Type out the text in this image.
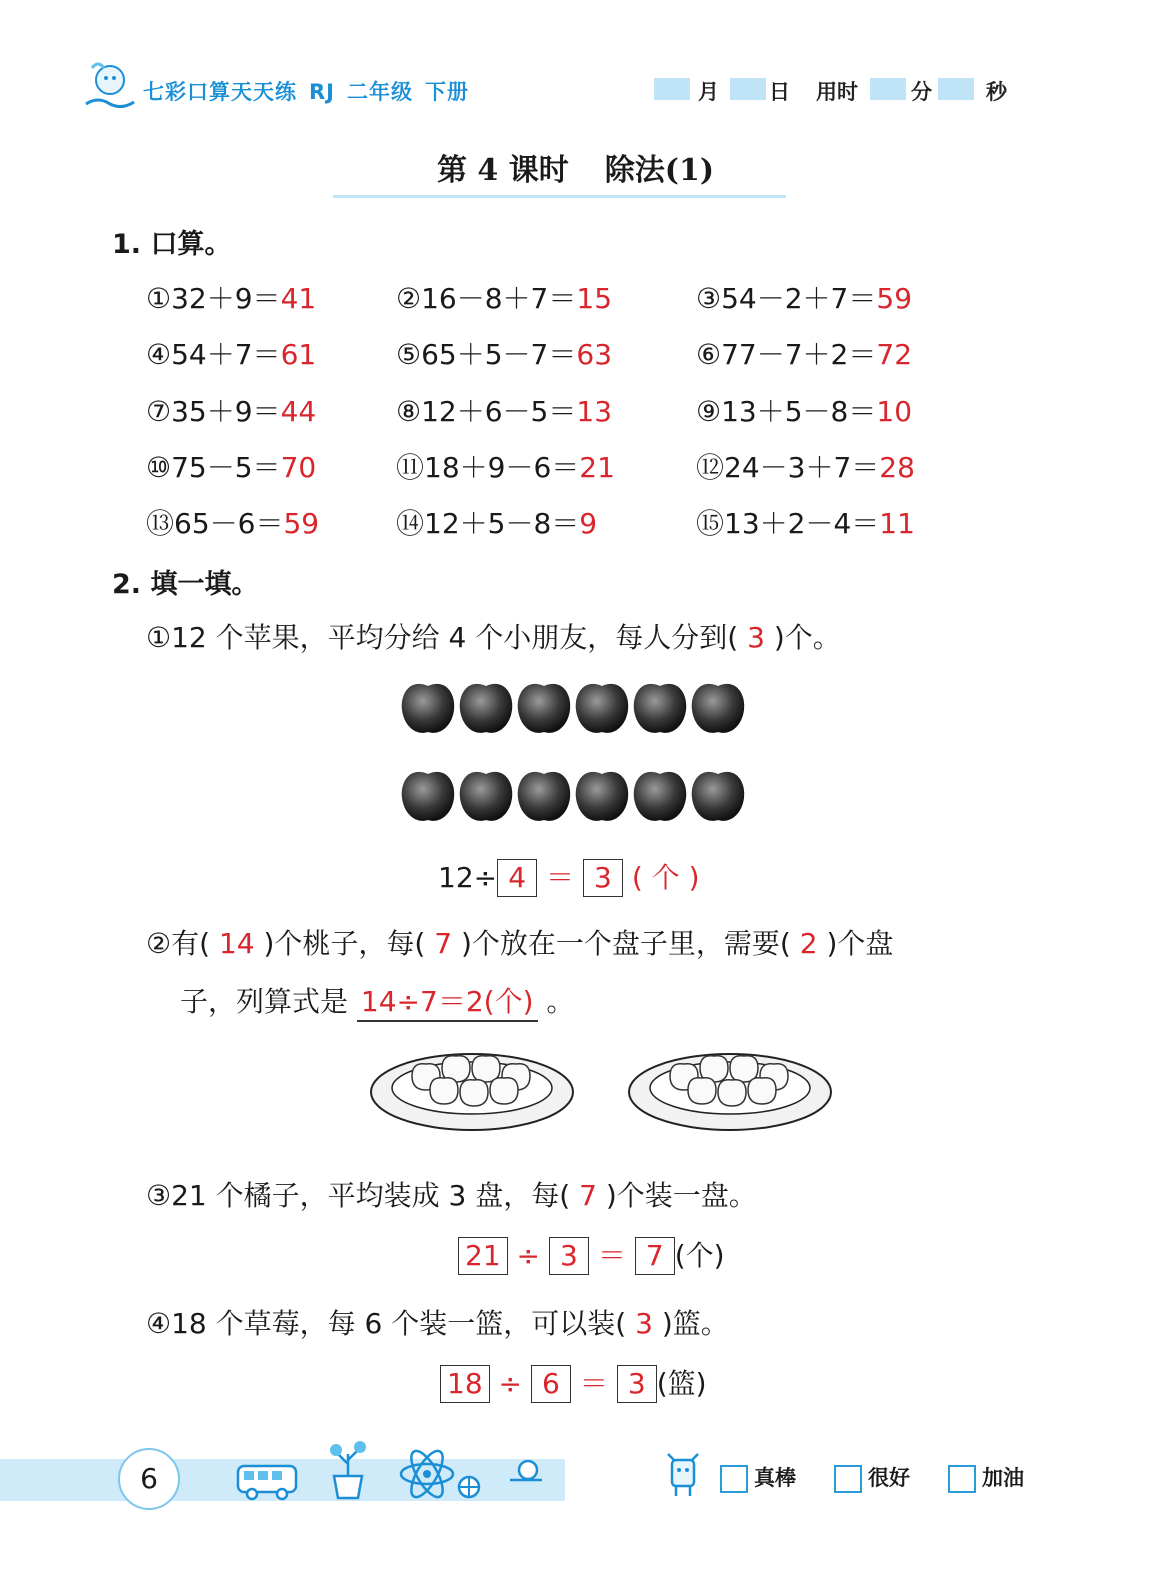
七彩口算天天练 RJ 二年级 下册	月 日 用时	分	秒
第 4 课时 除法(1)
1. 口算。
①32＋9＝41	②16－8＋7＝15	③54－2＋7＝59
④54＋7＝61	⑤65＋5－7＝63	⑥77－7＋2＝72
⑦35＋9＝44	⑧12＋6－5＝13	⑨13＋5－8＝10
⑩75－5＝70	⑪18＋9－6＝21	⑫24－3＋7＝28
⑬65－6＝59	⑭12＋5－8＝9	⑮13＋2－4＝11
2. 填一填。
①12 个苹果，平均分给 4 个小朋友，每人分到( 3 )个。
12÷ 4 ＝ 3 ( 个 )
②有( 14 )个桃子，每( 7 )个放在一个盘子里，需要( 2 )个盘
子，列算式是 14÷7＝2(个) 。
③21 个橘子，平均装成 3 盘，每( 7 )个装一盘。
21 ÷ 3 ＝ 7 (个)
④18 个草莓，每 6 个装一篮，可以装( 3 )篮。
18 ÷ 6 ＝ 3 (篮)
6	真棒	很好	加油
